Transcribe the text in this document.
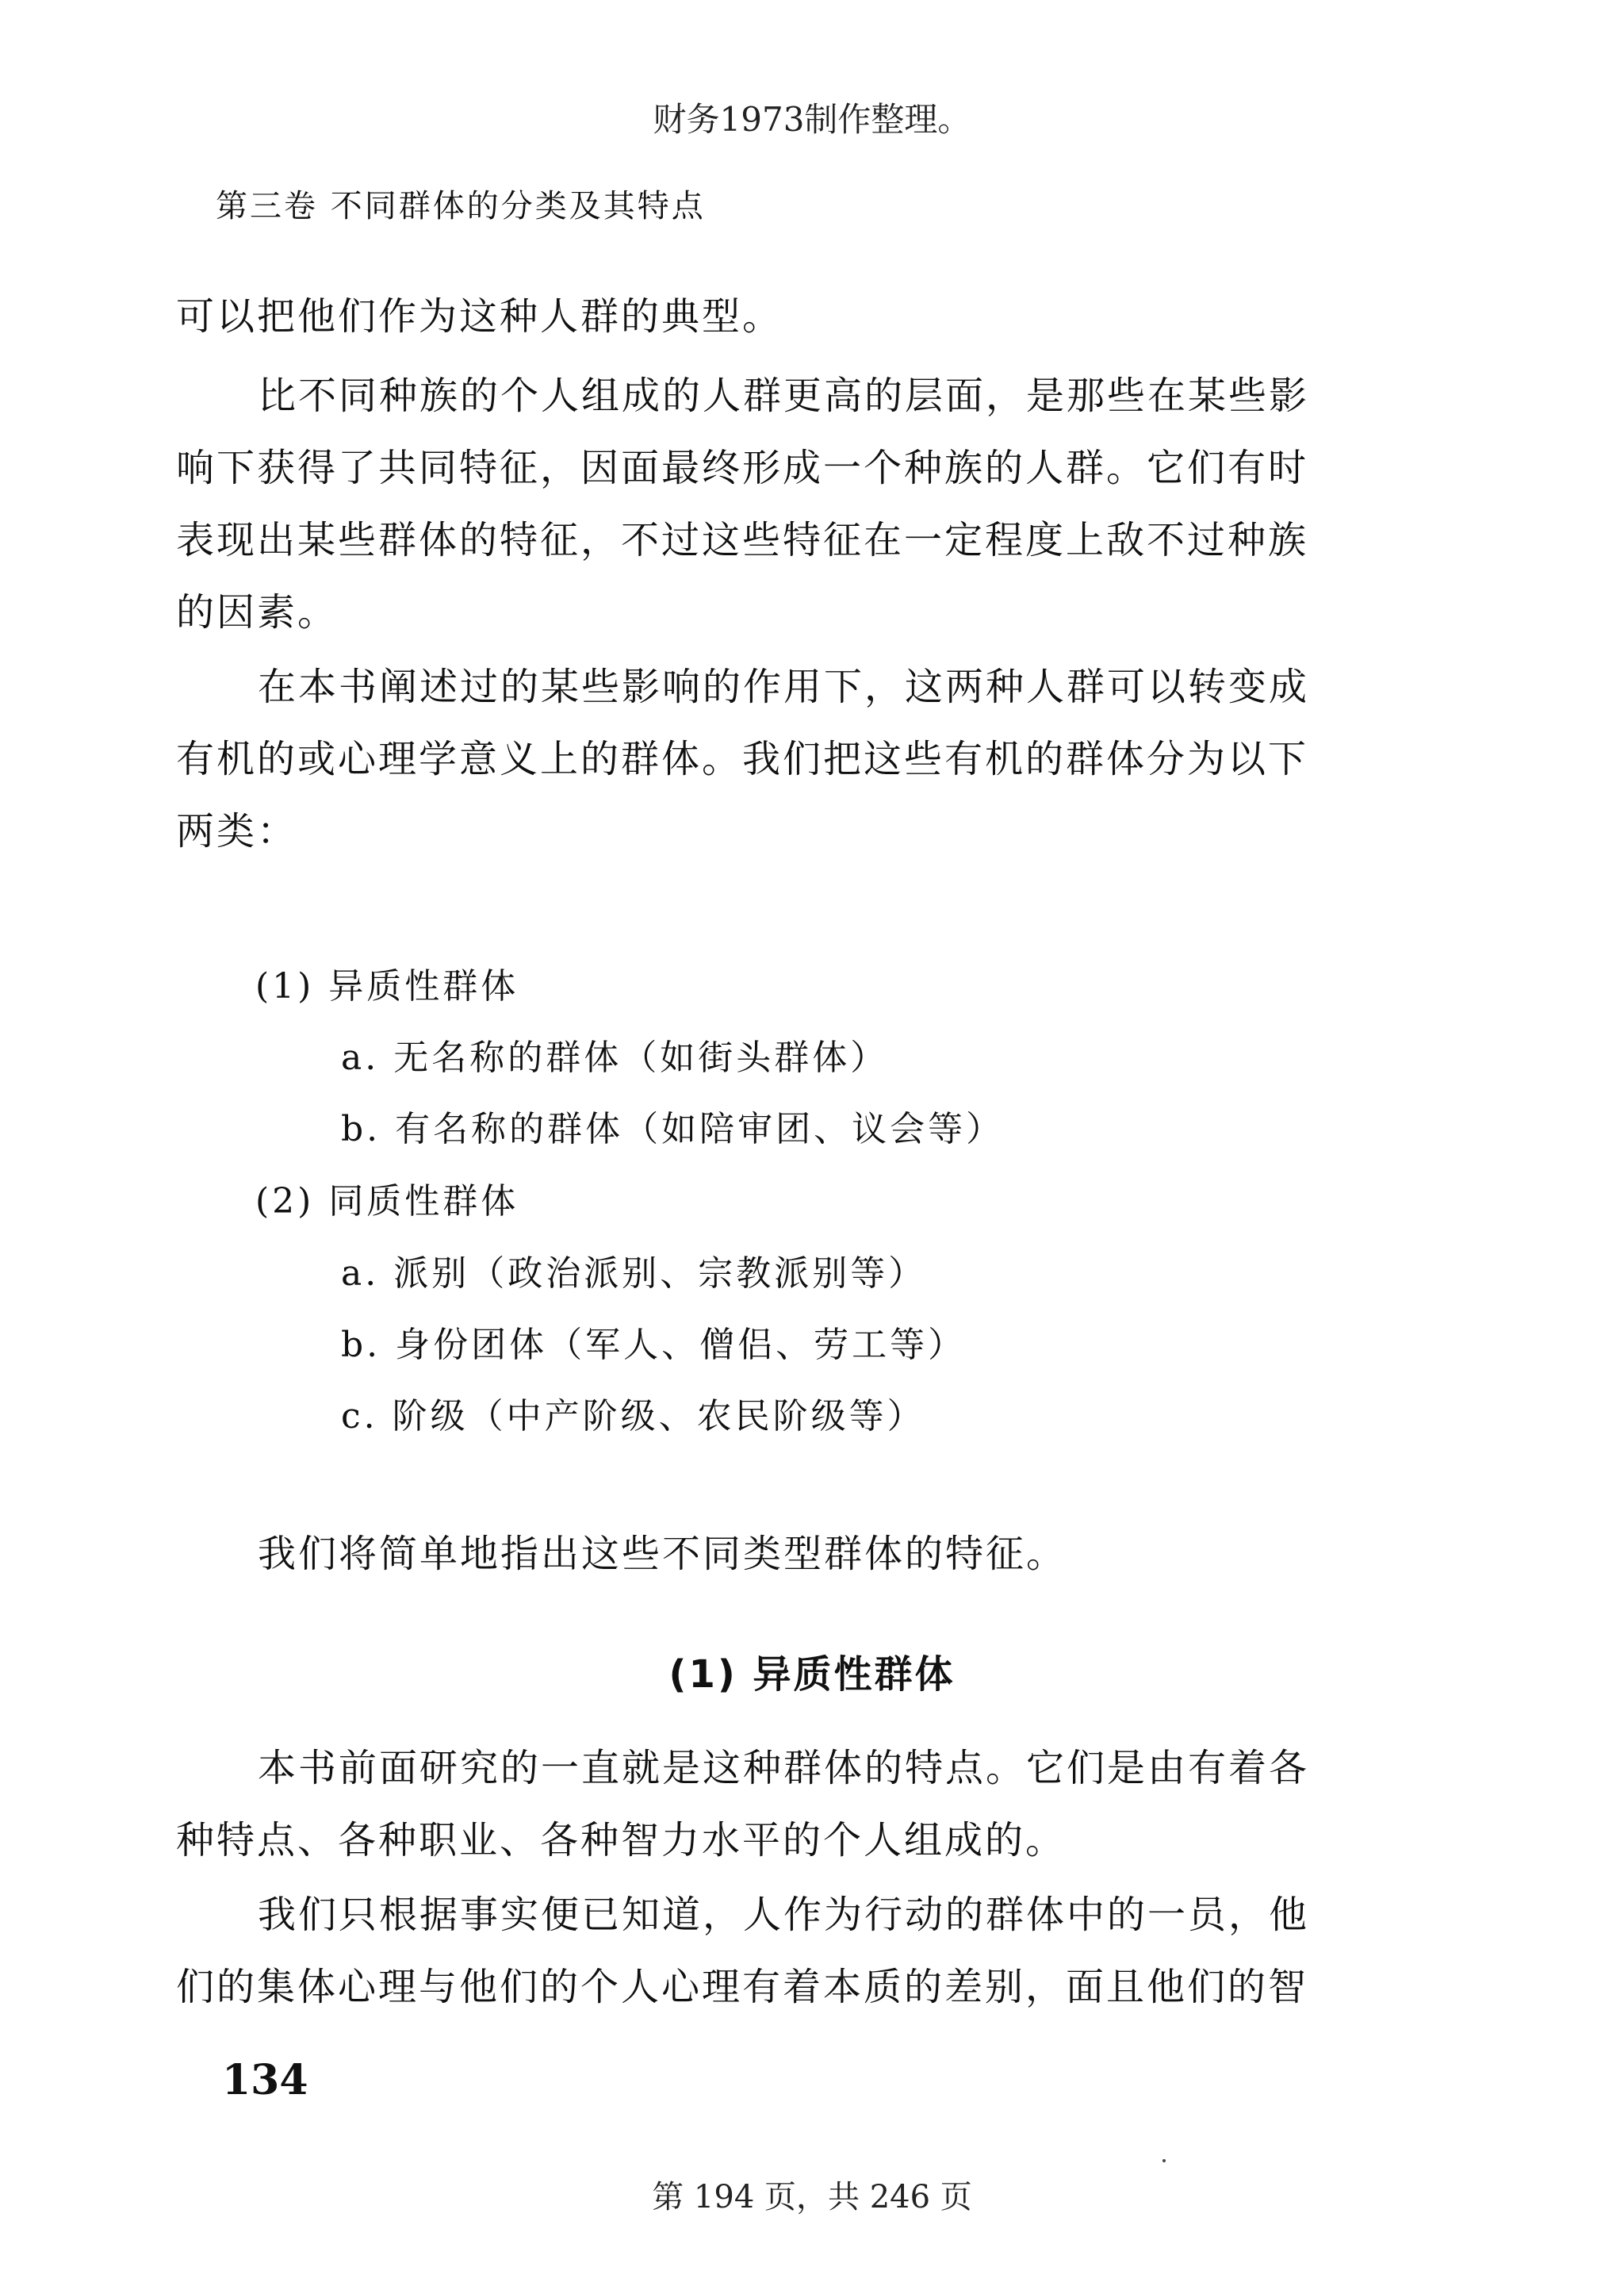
财务1973制作整理。
第三卷 不同群体的分类及其特点
可以把他们作为这种人群的典型。
比不同种族的个人组成的人群更高的层面，是那些在某些影
响下获得了共同特征，因面最终形成一个种族的人群。它们有时
表现出某些群体的特征，不过这些特征在一定程度上敌不过种族
的因素。
在本书阐述过的某些影响的作用下，这两种人群可以转变成
有机的或心理学意义上的群体。我们把这些有机的群体分为以下
两类：
(1) 异质性群体
a. 无名称的群体（如街头群体）
b. 有名称的群体（如陪审团、议会等）
(2) 同质性群体
a. 派别（政治派别、宗教派别等）
b. 身份团体（军人、僧侣、劳工等）
c. 阶级（中产阶级、农民阶级等）
我们将简单地指出这些不同类型群体的特征。
(1) 异质性群体
本书前面研究的一直就是这种群体的特点。它们是由有着各
种特点、各种职业、各种智力水平的个人组成的。
我们只根据事实便已知道，人作为行动的群体中的一员，他
们的集体心理与他们的个人心理有着本质的差别，面且他们的智
134
第 194 页，共 246 页
